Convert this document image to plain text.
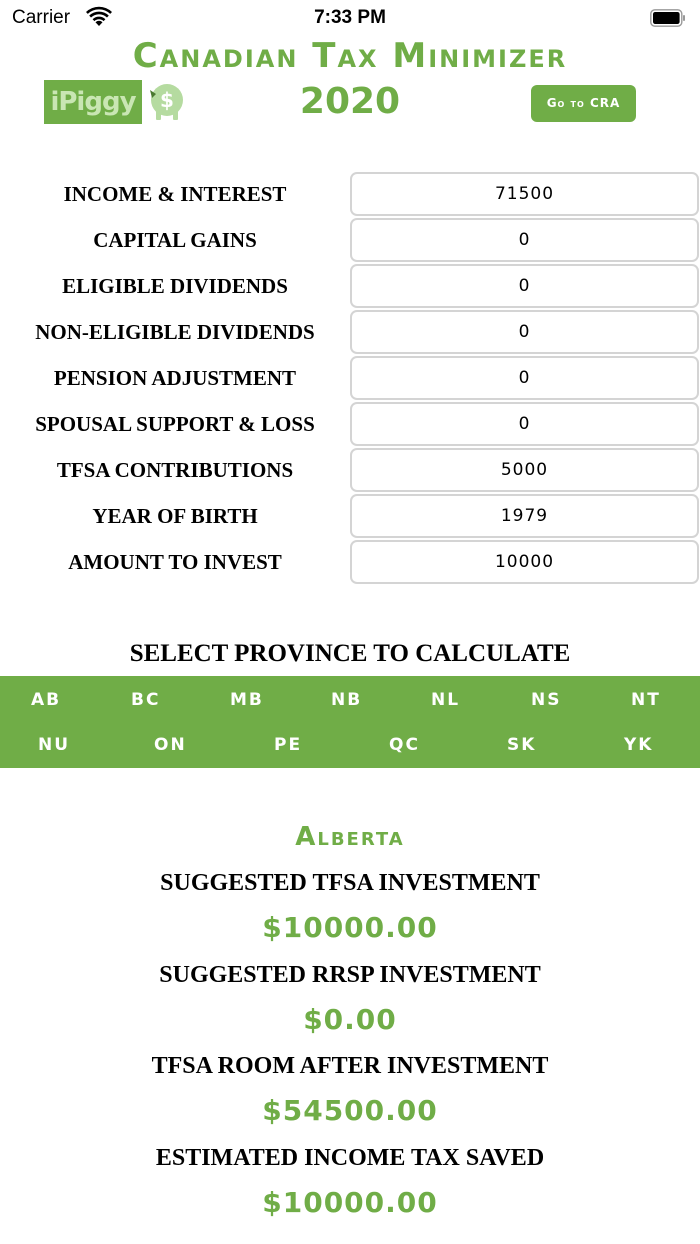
Carrier	7:33 PM
Canadian Tax Minimizer
iPiggy	$	2020	Go to CRA
INCOME & INTEREST	71500
CAPITAL GAINS	0
ELIGIBLE DIVIDENDS	0
NON-ELIGIBLE DIVIDENDS	0
PENSION ADJUSTMENT	0
SPOUSAL SUPPORT & LOSS	0
TFSA CONTRIBUTIONS	5000
YEAR OF BIRTH	1979
AMOUNT TO INVEST	10000
SELECT PROVINCE TO CALCULATE
AB	BC	MB	NB	NL	NS	NT
NU	ON	PE	QC	SK	YK
Alberta
SUGGESTED TFSA INVESTMENT
$10000.00
SUGGESTED RRSP INVESTMENT
$0.00
TFSA ROOM AFTER INVESTMENT
$54500.00
ESTIMATED INCOME TAX SAVED
$10000.00
